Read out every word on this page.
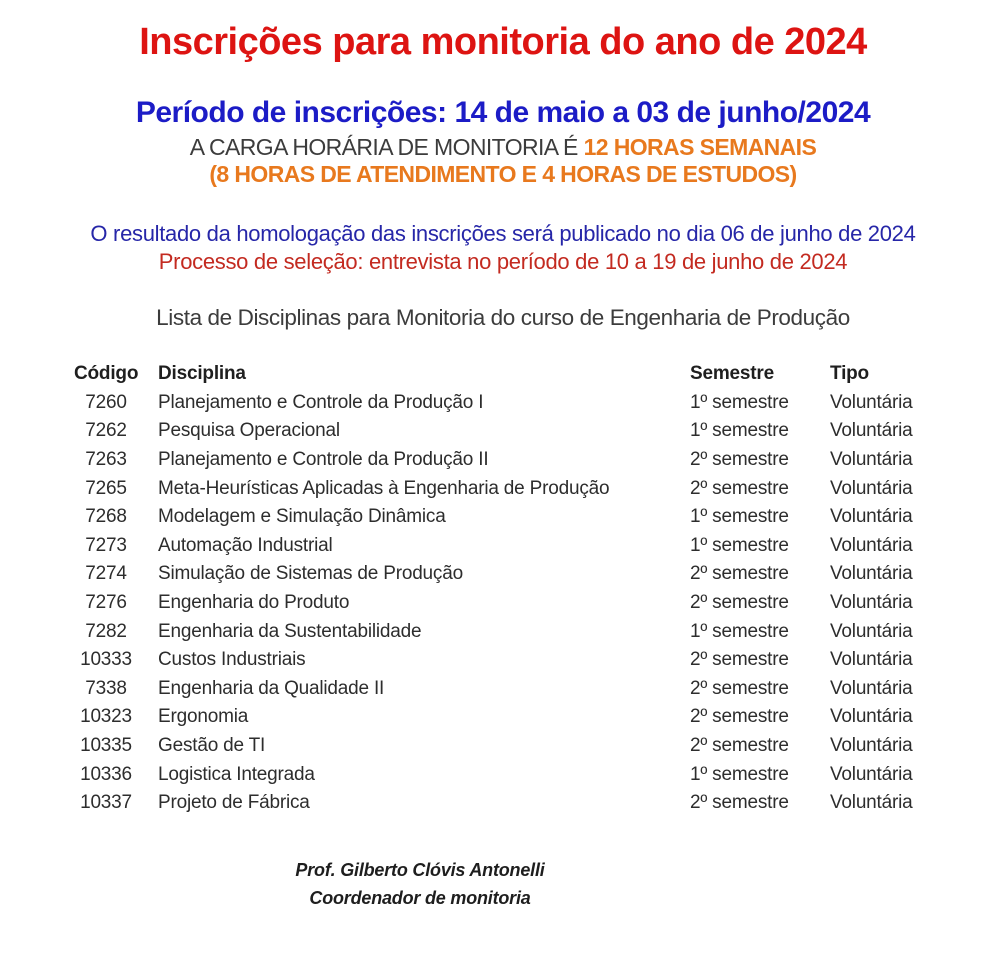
Inscrições para monitoria do ano de 2024
Período de inscrições: 14 de maio a 03 de junho/2024

A CARGA HORÁRIA DE MONITORIA É 12 HORAS SEMANAIS

(8 HORAS DE ATENDIMENTO E 4 HORAS DE ESTUDOS)

O resultado da homologação das inscrições será publicado no dia 06 de junho de 2024

Processo de seleção: entrevista no período de 10 a 19 de junho de 2024

Lista de Disciplinas para Monitoria do curso de Engenharia de Produção

Código	Disciplina	Semestre	Tipo
7260	Planejamento e Controle da Produção I	1º semestre	Voluntária
7262	Pesquisa Operacional	1º semestre	Voluntária
7263	Planejamento e Controle da Produção II	2º semestre	Voluntária
7265	Meta-Heurísticas Aplicadas à Engenharia de Produção	2º semestre	Voluntária
7268	Modelagem e Simulação Dinâmica	1º semestre	Voluntária
7273	Automação Industrial	1º semestre	Voluntária
7274	Simulação de Sistemas de Produção	2º semestre	Voluntária
7276	Engenharia do Produto	2º semestre	Voluntária
7282	Engenharia da Sustentabilidade	1º semestre	Voluntária
10333	Custos Industriais	2º semestre	Voluntária
7338	Engenharia da Qualidade II	2º semestre	Voluntária
10323	Ergonomia	2º semestre	Voluntária
10335	Gestão de TI	2º semestre	Voluntária
10336	Logistica Integrada	1º semestre	Voluntária
10337	Projeto de Fábrica	2º semestre	Voluntária
Prof. Gilberto Clóvis Antonelli
Coordenador de monitoria
